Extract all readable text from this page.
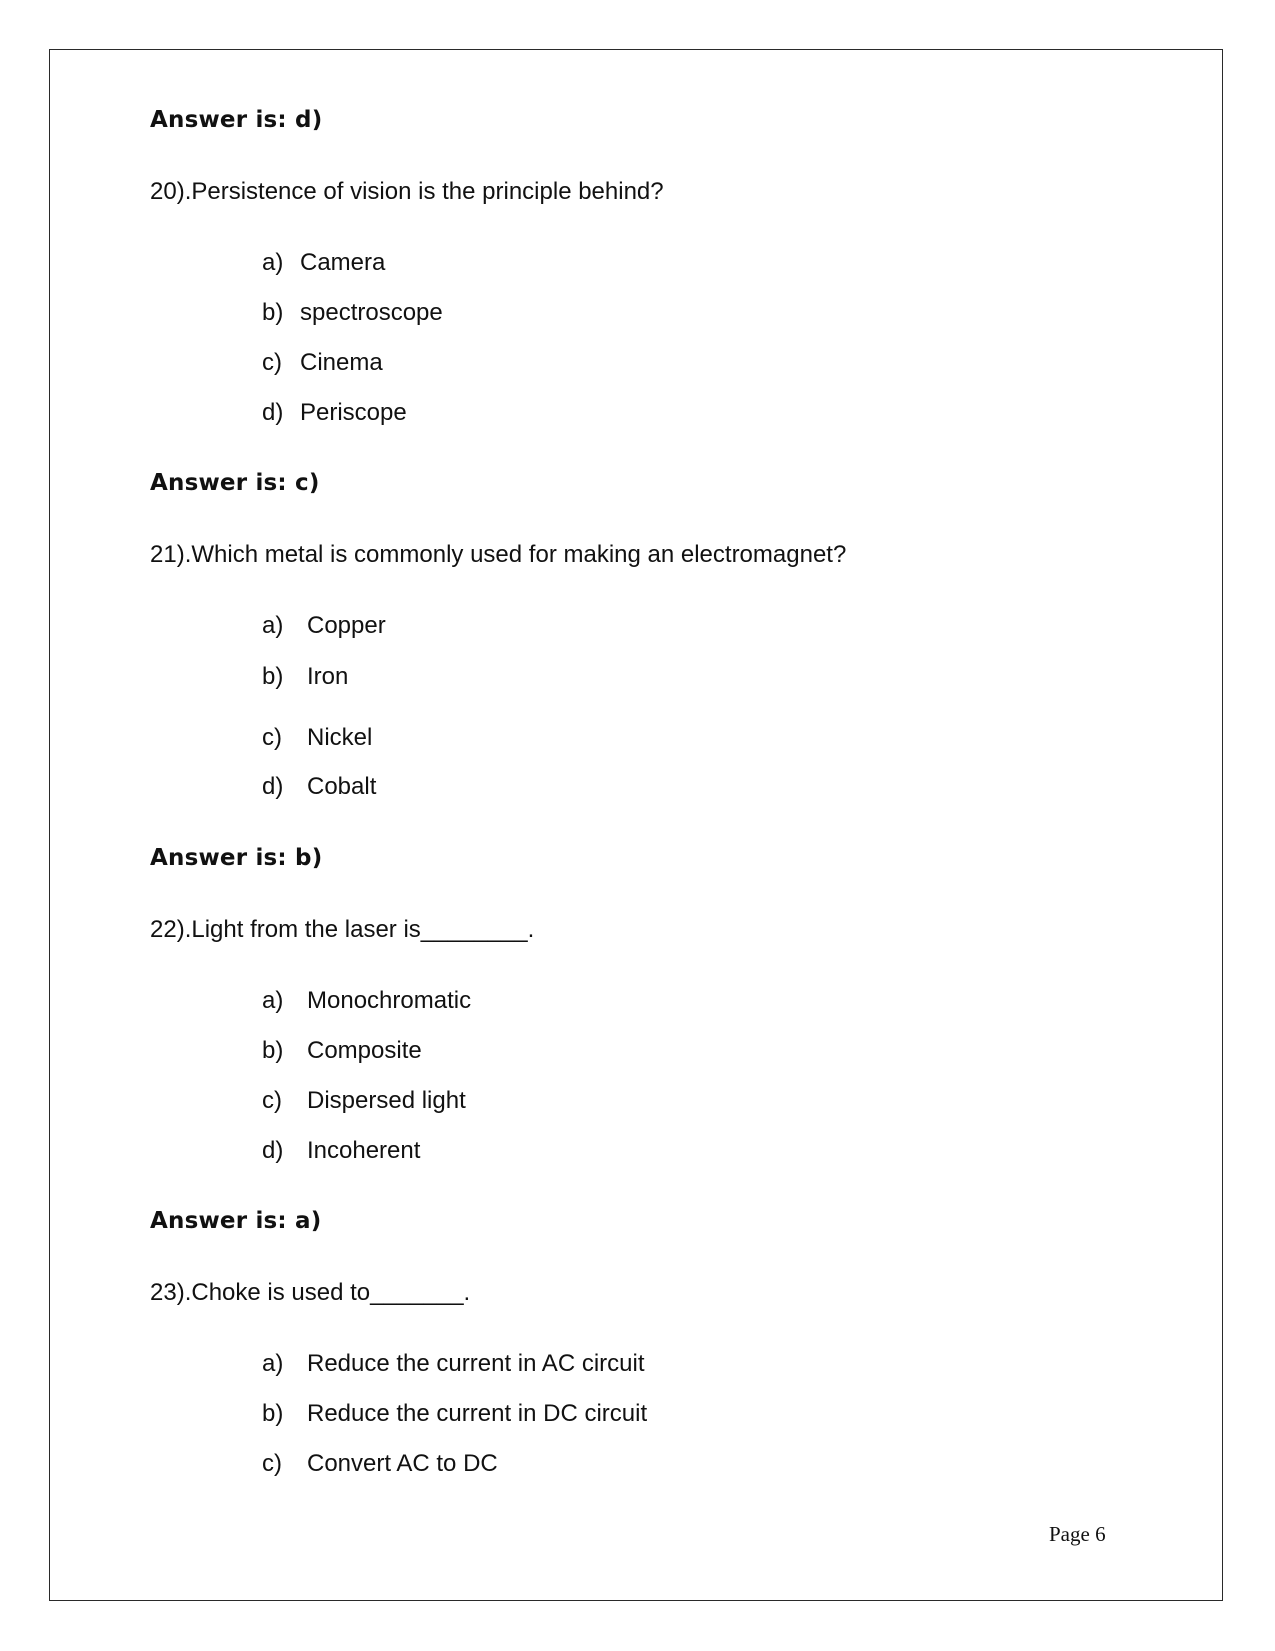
Answer is: d)
20).Persistence of vision is the principle behind?
a) Camera
b) spectroscope
c) Cinema
d) Periscope
Answer is: c)
21).Which metal is commonly used for making an electromagnet?
a) Copper
b) Iron
c) Nickel
d) Cobalt
Answer is: b)
22).Light from the laser is________.
a) Monochromatic
b) Composite
c) Dispersed light
d) Incoherent
Answer is: a)
23).Choke is used to_______.
a) Reduce the current in AC circuit
b) Reduce the current in DC circuit
c) Convert AC to DC
Page 6
